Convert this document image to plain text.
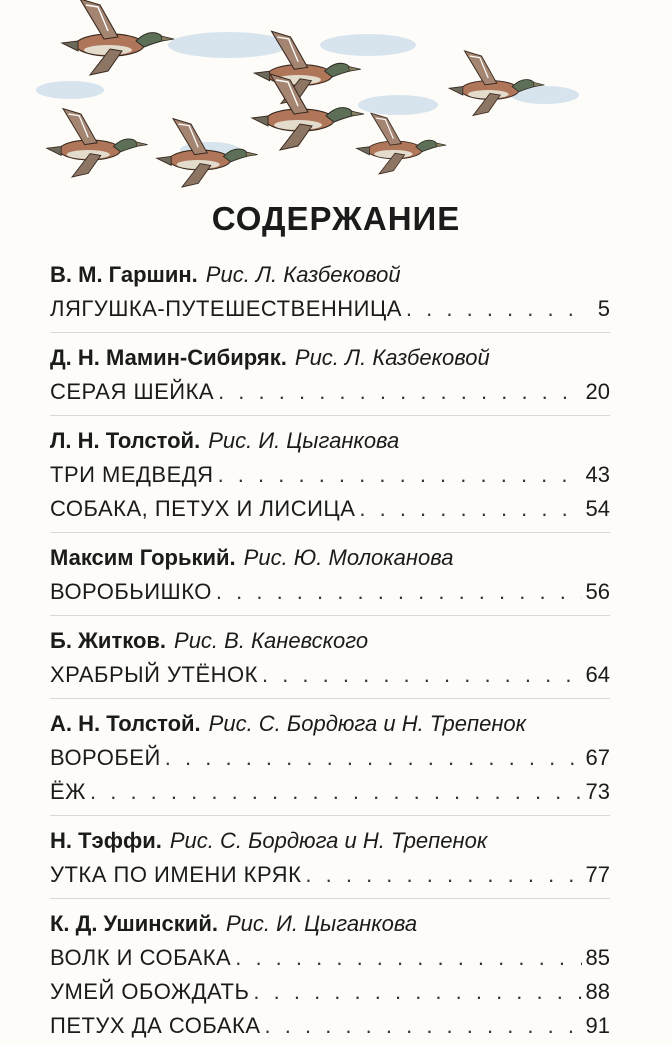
СОДЕРЖАНИЕ
В. М. Гаршин. Рис. Л. Казбековой
ЛЯГУШКА-ПУТЕШЕСТВЕННИЦА . . .	5
Д. Н. Мамин-Сибиряк. Рис. Л. Казбековой
СЕРАЯ ШЕЙКА . . .	20
Л. Н. Толстой. Рис. И. Цыганкова
ТРИ МЕДВЕДЯ . . .	43
СОБАКА, ПЕТУХ И ЛИСИЦА . . .	54
Максим Горький. Рис. Ю. Молоканова
ВОРОБЬИШКО . . .	56
Б. Житков. Рис. В. Каневского
ХРАБРЫЙ УТЁНОК . . .	64
А. Н. Толстой. Рис. С. Бордюга и Н. Трепенок
ВОРОБЕЙ . . .	67
ЁЖ . . .	73
Н. Тэффи. Рис. С. Бордюга и Н. Трепенок
УТКА ПО ИМЕНИ КРЯК . . .	77
К. Д. Ушинский. Рис. И. Цыганкова
ВОЛК И СОБАКА . . .	85
УМЕЙ ОБОЖДАТЬ . . .	88
ПЕТУХ ДА СОБАКА . . .	91
